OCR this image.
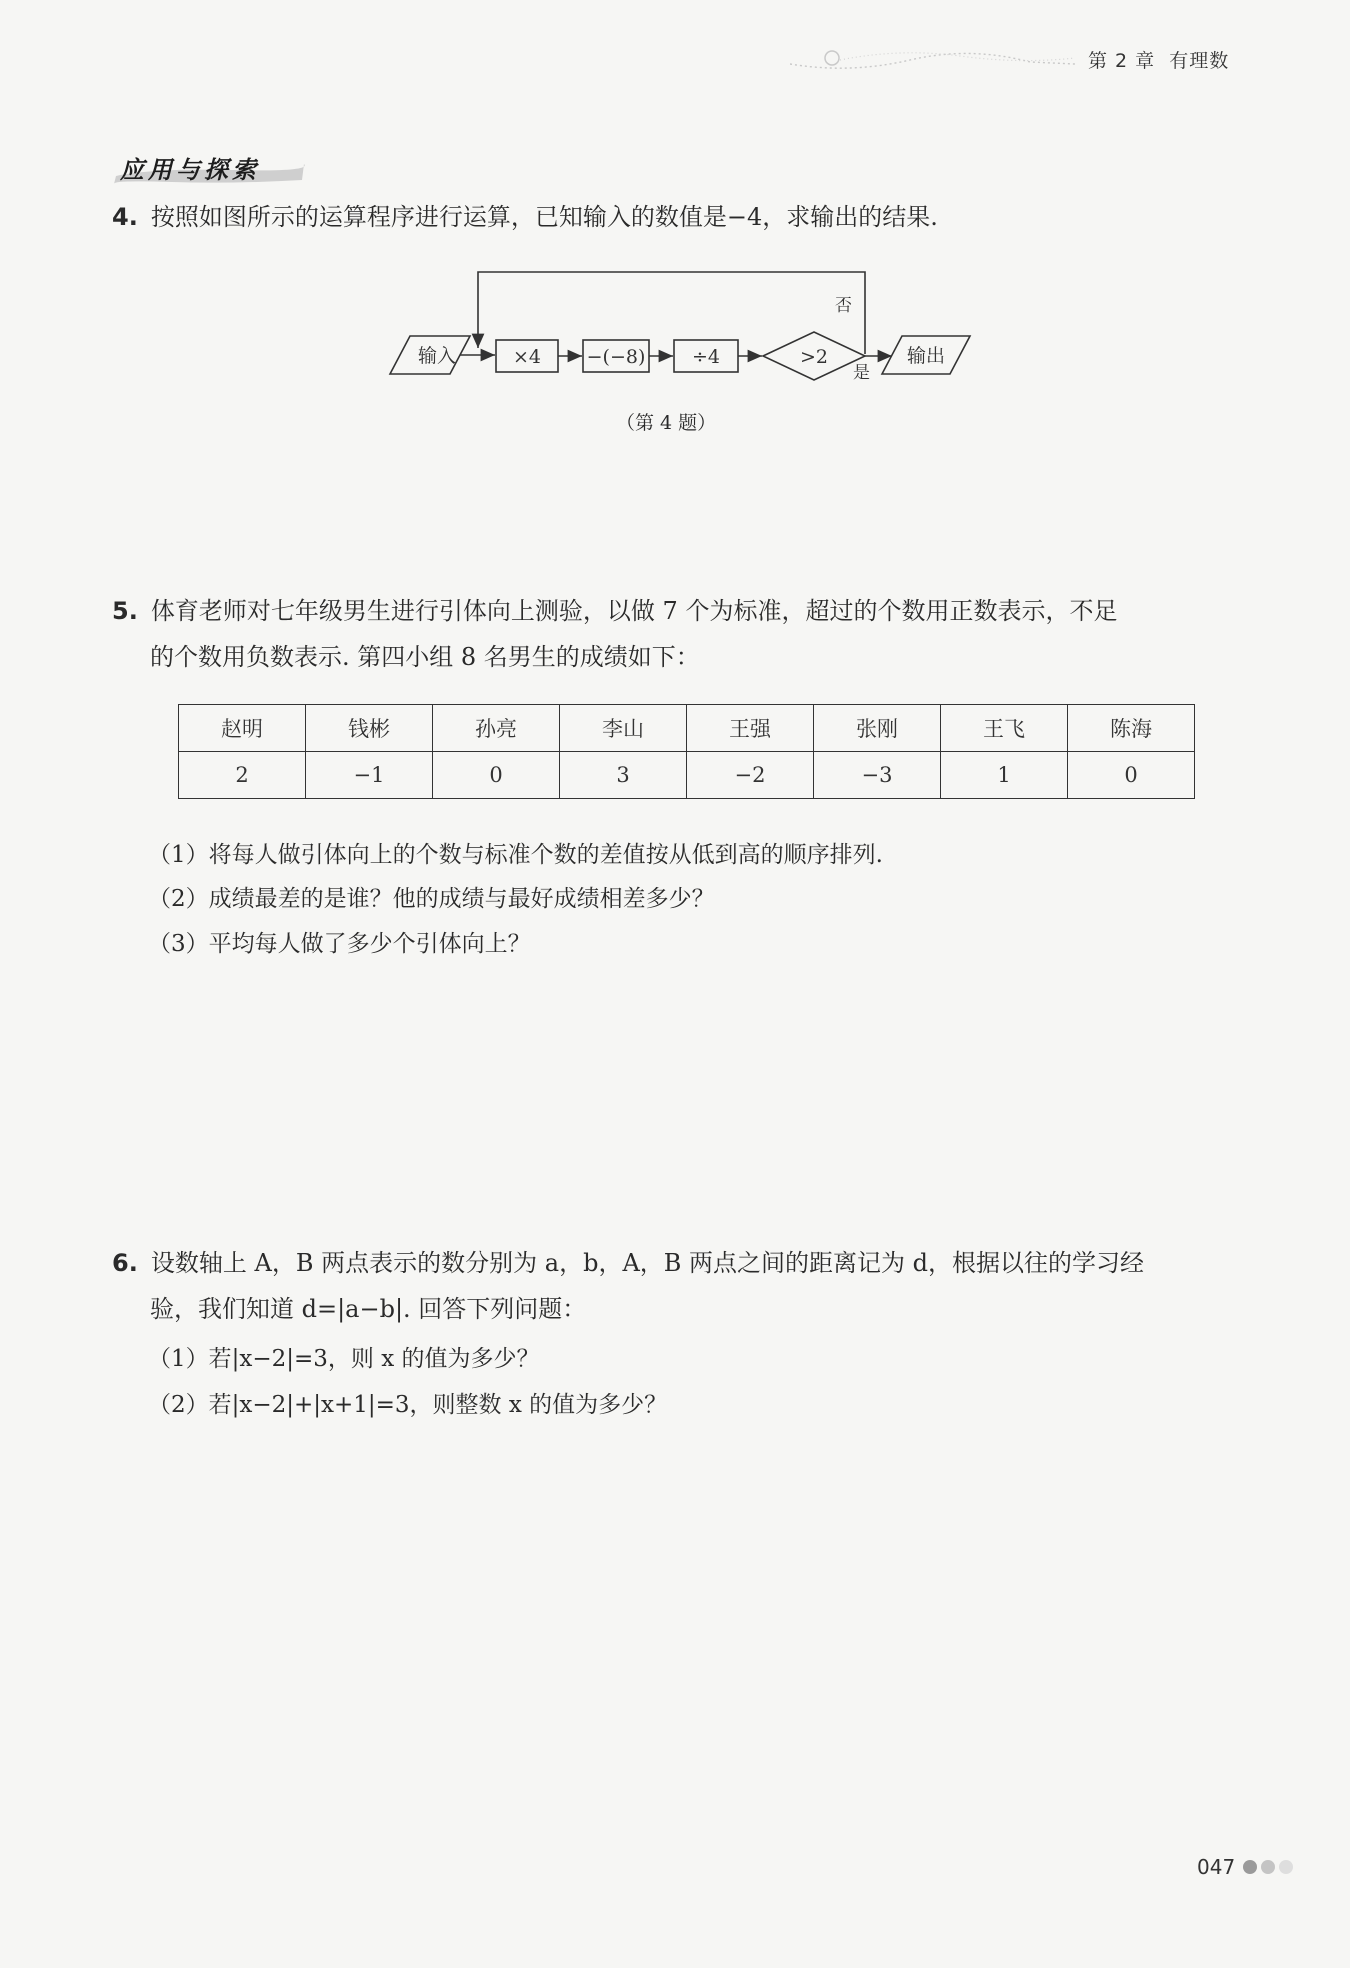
第 2 章 有理数
应用与探索
4. 按照如图所示的运算程序进行运算，已知输入的数值是−4，求输出的结果.
输入	×4 −(−8) ÷4	>2
否
是
输出
（第 4 题）
5. 体育老师对七年级男生进行引体向上测验，以做 7 个为标准，超过的个数用正数表示，不足
的个数用负数表示. 第四小组 8 名男生的成绩如下：
赵明	钱彬	孙亮	李山	王强	张刚	王飞	陈海
2	−1	0	3	−2	−3	1	0
（1）将每人做引体向上的个数与标准个数的差值按从低到高的顺序排列.
（2）成绩最差的是谁？他的成绩与最好成绩相差多少？
（3）平均每人做了多少个引体向上？
6. 设数轴上 A，B 两点表示的数分别为 a，b，A，B 两点之间的距离记为 d，根据以往的学习经
验，我们知道 d=|a−b|. 回答下列问题：
（1）若|x−2|=3，则 x 的值为多少？
（2）若|x−2|+|x+1|=3，则整数 x 的值为多少？
047
